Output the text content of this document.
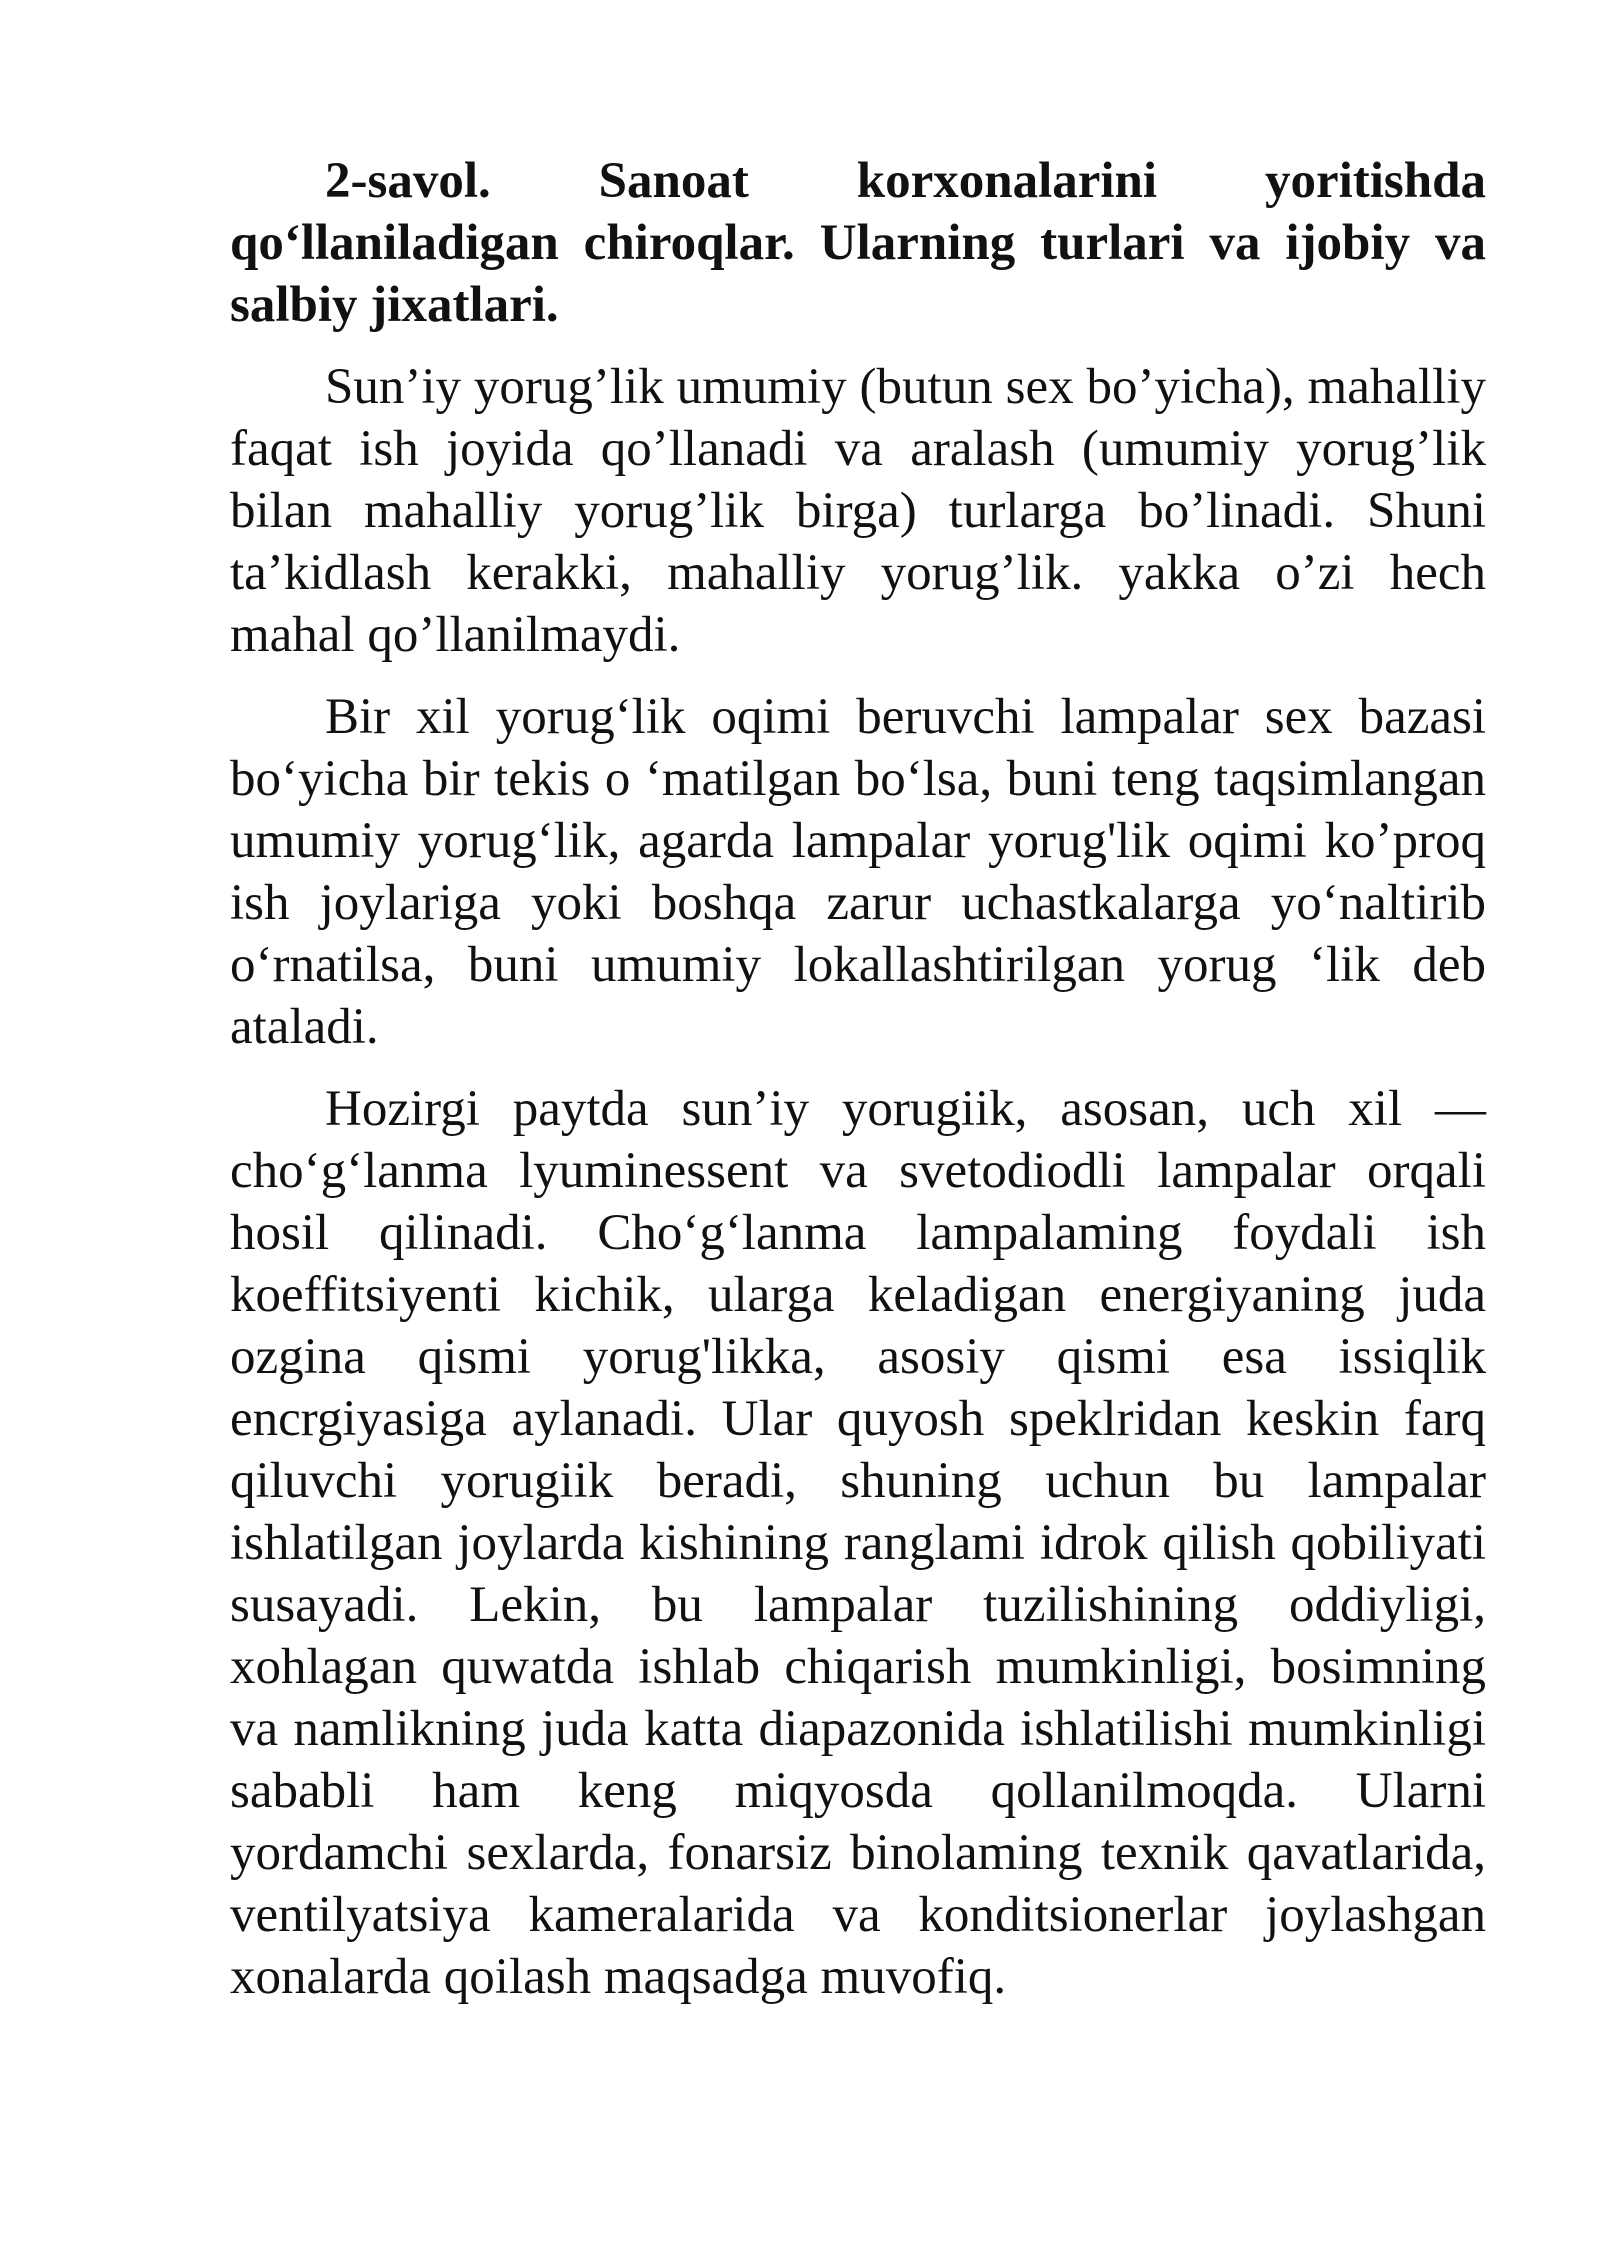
2-savol. Sanoat korxonalarini yoritishda qo‘llaniladigan chiroqlar. Ularning turlari va ijobiy va salbiy jixatlari.

Sun’iy yorug’lik umumiy (butun sex bo’yicha), mahalliy faqat ish joyida qo’llanadi va aralash (umumiy yorug’lik bilan mahalliy yorug’lik birga) turlarga bo’linadi. Shuni ta’kidlash kerakki, mahalliy yorug’lik. yakka o’zi hech mahal qo’llanilmaydi.

Bir xil yorug‘lik oqimi beruvchi lampalar sex bazasi bo‘yicha bir tekis o ‘matilgan bo‘lsa, buni teng taqsimlangan umumiy yorug‘lik, agarda lampalar yorug'lik oqimi ko’proq ish joylariga yoki boshqa zarur uchastkalarga yo‘naltirib o‘rnatilsa, buni umumiy lokallashtirilgan yorug ‘lik deb ataladi.

Hozirgi paytda sun’iy yorugiik, asosan, uch xil — cho‘g‘lanma lyuminessent va svetodiodli lampalar orqali hosil qilinadi. Cho‘g‘lanma lampalaming foydali ish koeffitsiyenti kichik, ularga keladigan energiyaning juda ozgina qismi yorug'likka, asosiy qismi esa issiqlik encrgiyasiga aylanadi. Ular quyosh speklridan keskin farq qiluvchi yorugiik beradi, shuning uchun bu lampalar ishlatilgan joylarda kishining ranglami idrok qilish qobiliyati susayadi. Lekin, bu lampalar tuzilishining oddiyligi, xohlagan quwatda ishlab chiqarish mumkinligi, bosimning va namlikning juda katta diapazonida ishlatilishi mumkinligi sababli ham keng miqyosda qollanilmoqda. Ularni yordamchi sexlarda, fonarsiz binolaming texnik qavatlarida, ventilyatsiya kameralarida va konditsionerlar joylashgan xonalarda qoilash maqsadga muvofiq.
